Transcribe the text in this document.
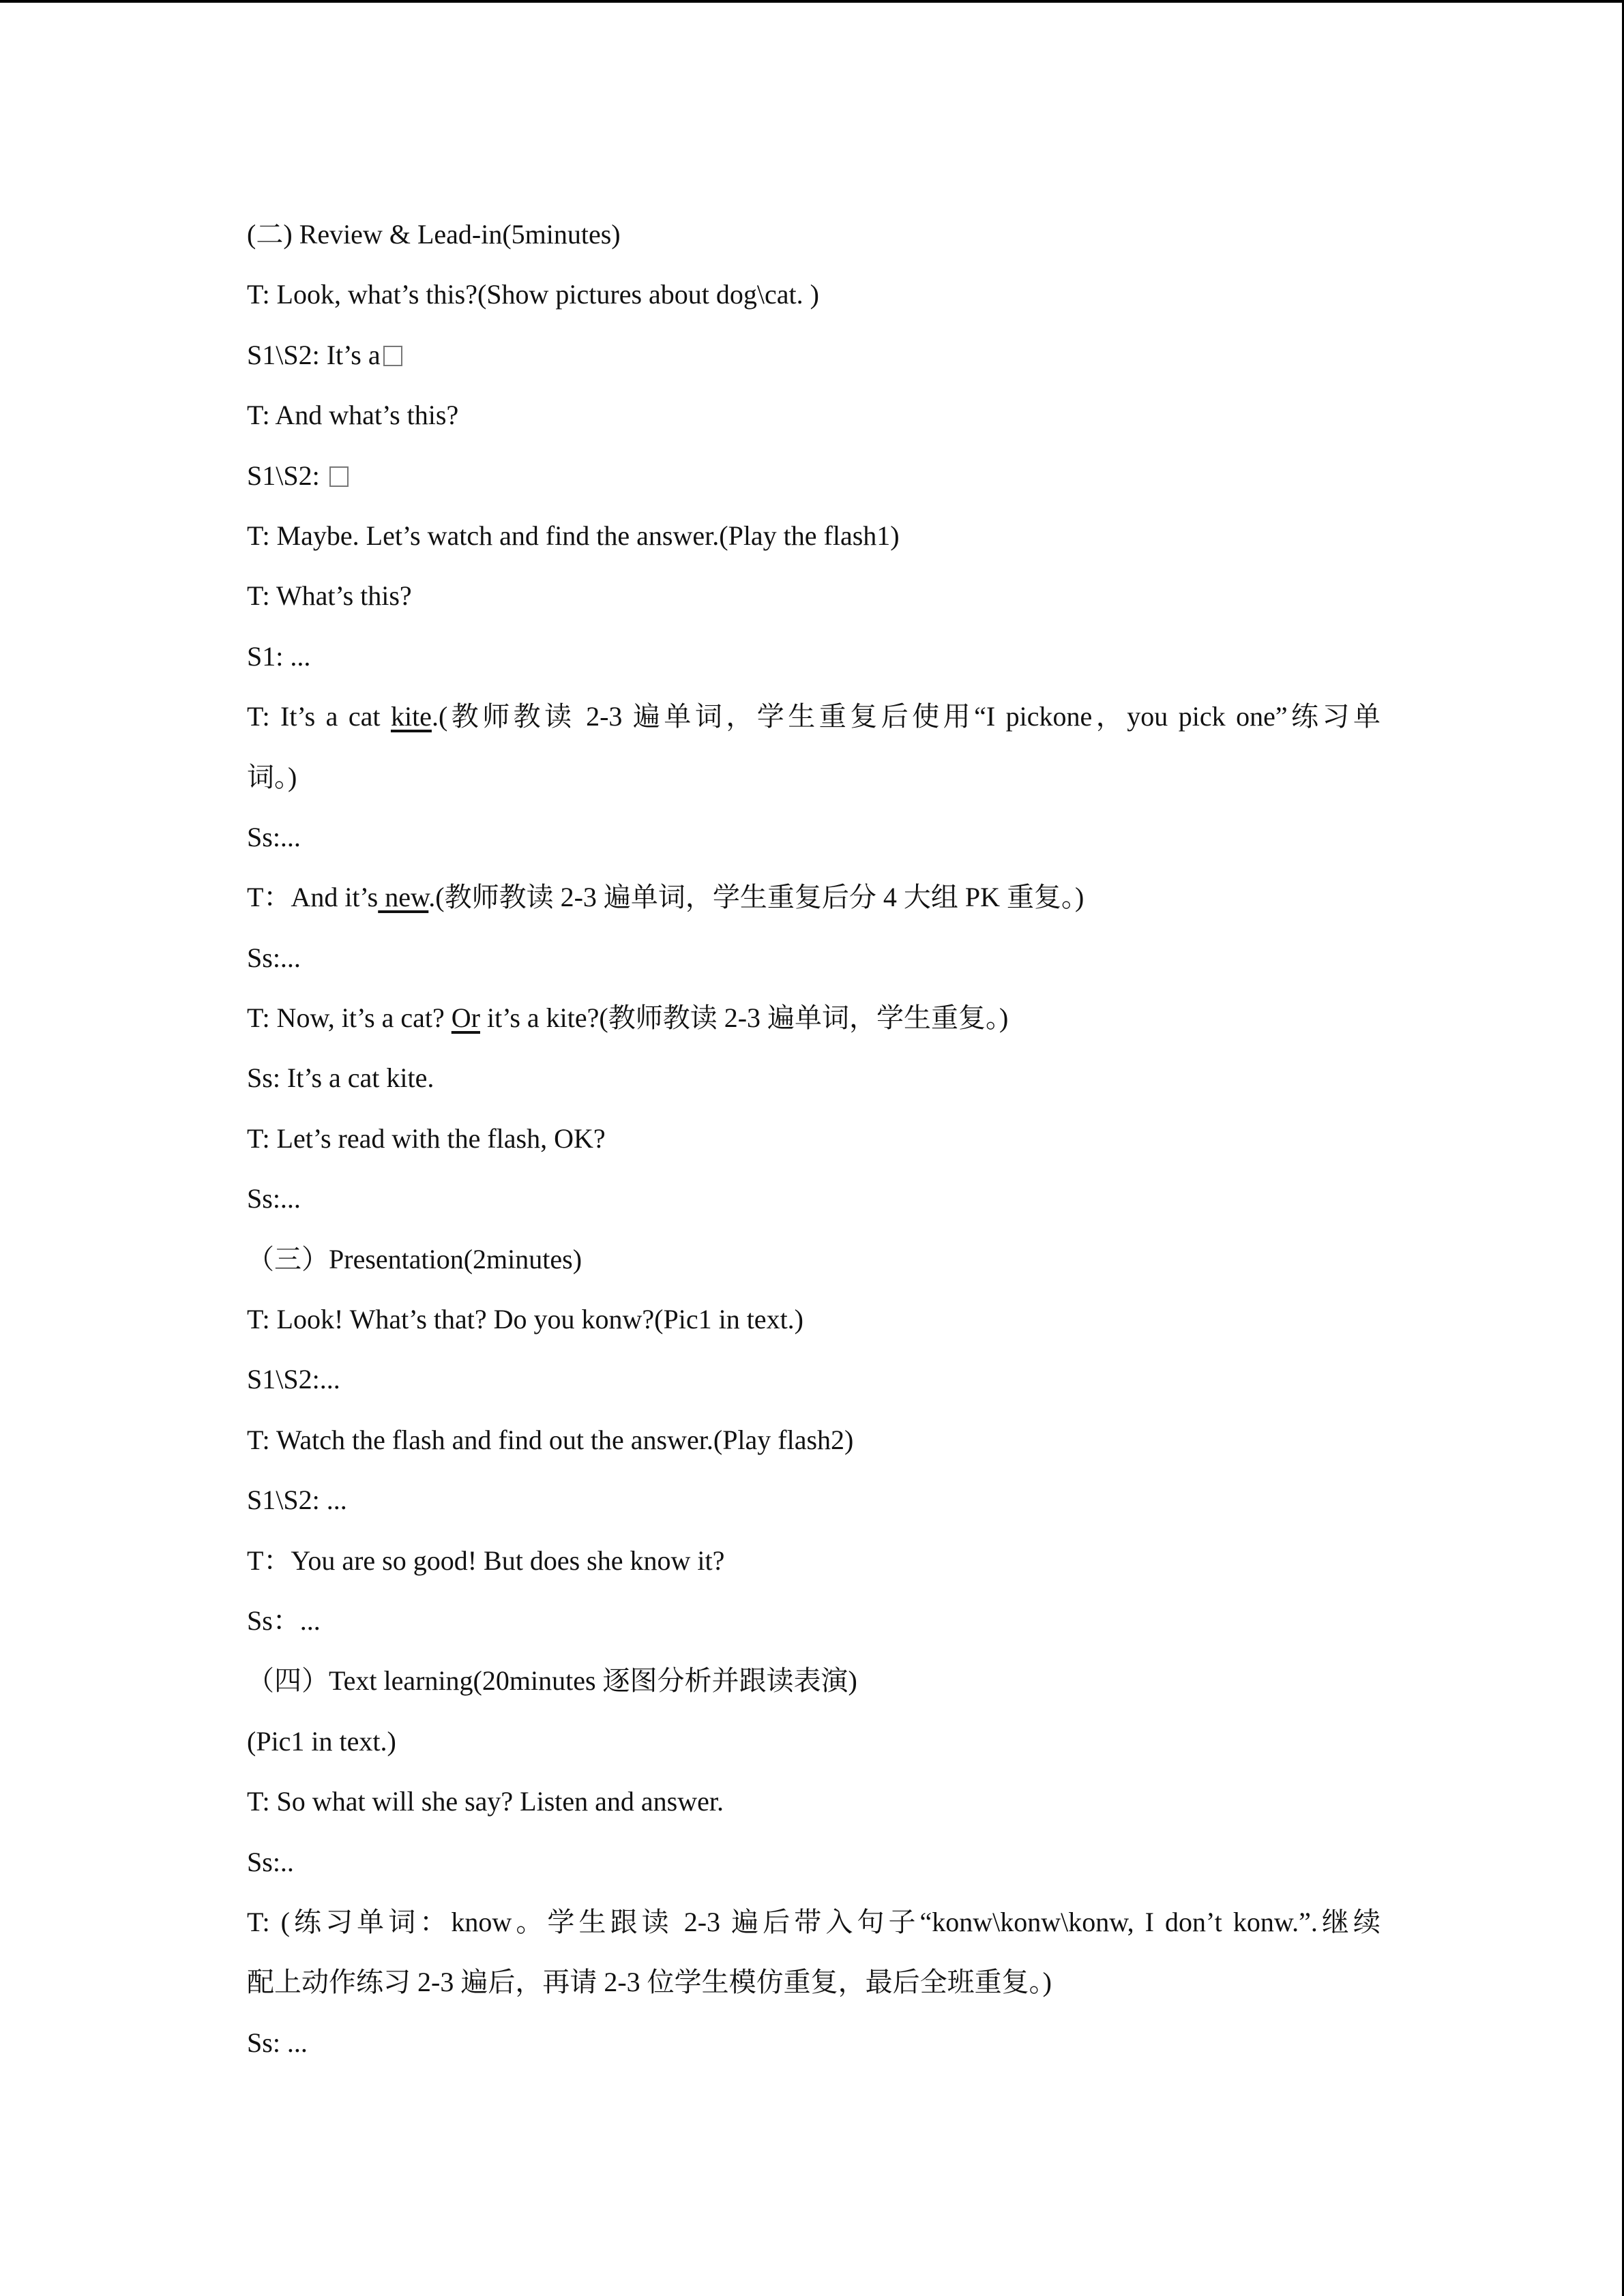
(二) Review & Lead-in(5minutes)
T: Look, what’s this?(Show pictures about dog\cat. )
S1\S2: It’s a
T: And what’s this?
S1\S2:
T: Maybe. Let’s watch and find the answer.(Play the flash1)
T: What’s this?
S1: ...
T: It’s a cat kite.(教师教读 2-3 遍单词，学生重复后使用“I pickone，you pick one”练习单
词。)
Ss:...
T：And it’s new.(教师教读 2-3 遍单词，学生重复后分 4 大组 PK 重复。)
Ss:...
T: Now, it’s a cat? Or it’s a kite?(教师教读 2-3 遍单词，学生重复。)
Ss: It’s a cat kite.
T: Let’s read with the flash, OK?
Ss:...
（三）Presentation(2minutes)
T: Look! What’s that? Do you konw?(Pic1 in text.)
S1\S2:...
T: Watch the flash and find out the answer.(Play flash2)
S1\S2: ...
T：You are so good! But does she know it?
Ss：...
（四）Text learning(20minutes 逐图分析并跟读表演)
(Pic1 in text.)
T: So what will she say? Listen and answer.
Ss:..
T: (练习单词：know。学生跟读 2-3 遍后带入句子“konw\konw\konw, I don’t konw.”.继续
配上动作练习 2-3 遍后，再请 2-3 位学生模仿重复，最后全班重复。)
Ss: ...
